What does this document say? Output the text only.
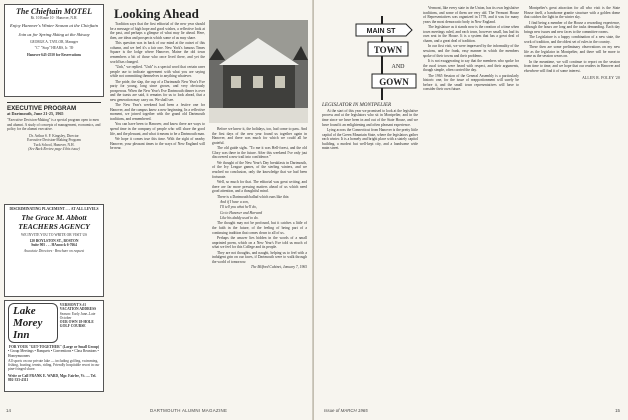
The Chieftain MOTEL
Rt. 10 Route 10 · Hanover, N.H.
Enjoy Hanover's Winter Season at the Chieftain
Join us for Spring Skiing at the Skiway
GEORGE A. TAYLOR, Manager
"C" "Stop" HEARS, Jr. '39
Hanover 643-2550 for Reservations
EXECUTIVE PROGRAM
at Dartmouth, June 21-25, 1965
"Executive Decision-Making" is a special program open to men and alumni. A study of concepts of management, economics, and policy for the alumni executive.
Dr. Arthur S. F. Kingsley, Director
Executive Decision-Making Program
Tuck School, Hanover, N.H.
(See Back Review page 4 this issue)
DISCRIMINATING PLACEMENT . . . AT ALL LEVELS
The Grace M. Abbott TEACHERS AGENCY
WE INVITE YOU TO WRITE OR VISIT US
120 BOYLSTON ST., BOSTON
Suite 905 . . . HAncock 6-7664
Associate Directors · Brochure on request
Lake Morey Inn
VERMONT'S #1 VACATION ADDRESS
Season: Early June–Late October
OUR OWN 18-HOLE GOLF COURSE
FOR YOUR "GET-TOGETHER" (Large or Small Group)
• Group Meetings • Banquets • Conventions • Class Reunions • Honeymooners
All sports on our private lake — including golfing, swimming, fishing, boating, tennis, riding. Friendly hospitable resort in our pine-fringed shore.
Write or Call FRANK E. WARD, Mgr. Fairlee, Vt. — Tel. 802-333-4311
Looking Ahead

Tradition says that the first editorial of the new year should be a message of high hope and good wishes, a reflective look at the past, and perhaps a glimpse of what may lie ahead. Here, then, are ideas and prospects which some of us may share.

This question was in back of our mind at the outset of this column, and we feel it's a fair one. New York's famous Times Square is the lodge where Hanover, Maine the old town remembers a bit of those who once lived there, and yet the world has changed.

"Unh," we replied. "Unh" is a special word that certain rarer people use to indicate agreement with what you are saying while not committing themselves to anything whatever.

The pride, the slap, the cup of a Dartmouth New Year's Eve party for young, long since grown, and very obviously prosperous. When the New Year's Eve Dartmouth dinner is over and the toasts are said, it remains for us to look ahead, that a new generation may carry on. We shall see.

The New Year's weekend had been a festive one for Hanover, and the campus knew a new beginning. In a reflective moment, we joined together with the grand old Dartmouth traditions, and remembered.

You can have been to Hanover, and know there are ways to spend time in the company of people who will share the good life, and the pleasant, and what it means to be a Dartmouth man.

We hope it comes true this time. With the sight of nearby Hanover, your pleasant times to the ways of New England will be near.

Before we knew it, the holidays, too, had come to pass. And the first days of the new year found us together again in Hanover, and there was much for which we could all be grateful.

The old guide sighs. "To me it was Hell-forest, and the old Glory was there in the future. After this weekend I've only just discovered a new trail into confidence."

We thought of the New Year's Day breakfasts in Dartmouth, of the Ivy League games, of the sterling winters, and we reached no conclusion, only the knowledge that we had been fortunate.

Well, so much for that. The editorial was great writing, and there are far more pressing matters ahead of us which need good attention, and a thoughtful mind.

There is a Dartmouth ballad which runs like this:

And if I have a son,

I'll tell you what he'll do,

Go to Hanover and Harvard

Like his daddy used to do.

The thought may not be profound, but it catches a little of the faith in the future, of the feeling of being part of a continuing tradition that comes down to all of us.

Perhaps the answer lies hidden in the words of a small unprinted poem, which on a New Year's Eve told us much of what we feel for this College and its people.

They are not thoughts, and naught, helping us to feel with a indulgent grin on our faces, if Dartmouth were to walk through the world of tomorrow.

The Milford Cabinet, January 7, 1965

14	DARTMOUTH ALUMNI MAGAZINE
MAIN ST
TOWN
AND
GOWN

LEGISLATOR IN MONTPELIER

At the start of this year we promised to look at the legislative process and at the legislators who sit in Montpelier, and in the time since we have been in and out of the State House, and we have found it an enlightening and often pleasant experience.

Lying across the Connecticut from Hanover is the pretty little capital of the Green Mountain State, where the legislators gather each winter. It is a homely and bright place with a stately capitol building, a modest but well-kept city, and a handsome wide main street.

Vermont, like every state in the Union, has its own legislative traditions, and some of them are very old. The Vermont House of Representatives was organized in 1778, and it was for many years the most democratic body in New England.

The legislature as it stands now is the creation of a time when town meetings ruled, and each town, however small, has had its own seat in the House. It is a system that has a great deal of charm, and a great deal of tradition.

In our first visit, we were impressed by the informality of the sessions, and the frank, easy manner in which the members spoke of their towns and their problems.

It is not exaggerating to say that the members who spoke for the rural towns were heard with respect, and their arguments, though simple, often carried the day.

The 1965 Session of the General Assembly is a particularly historic one, for the issue of reapportionment will surely be before it, and the small town representatives will have to consider their own future.

Montpelier's great attraction for all who visit is the State House itself, a handsome granite structure with a golden dome that catches the light in the winter sky.

I find being a member of the House a rewarding experience, although the hours are long and the tasks demanding. Each day brings new issues and new faces to the committee rooms.

The Legislature is a happy combination of a new state, the work of tradition, and the oldest set of rules in the country.

These then are some preliminary observations on my new life as the legislator in Montpelier, and there will be more to come as the session wears on.

In the meantime, we will continue to report on the session from time to time, and we hope that our readers in Hanover and elsewhere will find it of some interest.

ALLEN R. FOLEY '20

Issue of MARCH 1965	15
